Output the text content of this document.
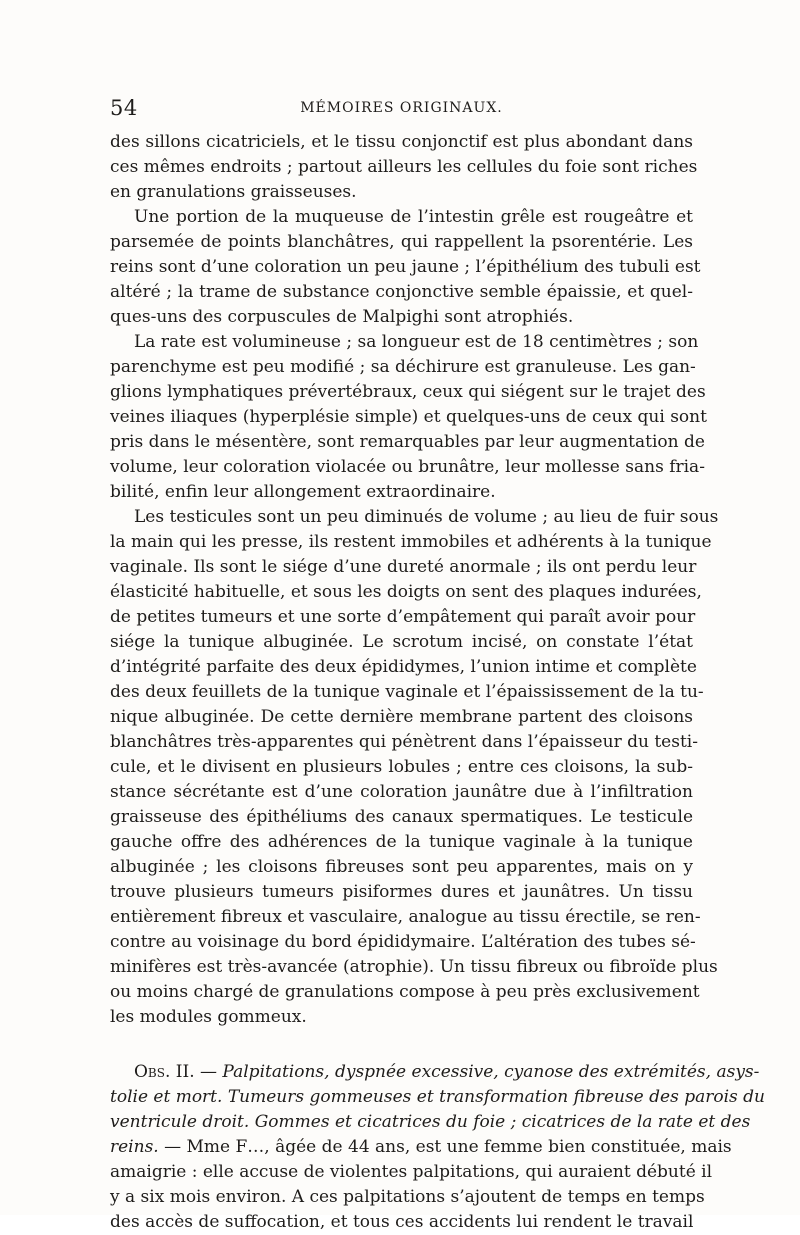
54	MÉMOIRES ORIGINAUX.
des sillons cicatriciels, et le tissu conjonctif est plus abondant dans
ces mêmes endroits ; partout ailleurs les cellules du foie sont riches
en granulations graisseuses.
Une portion de la muqueuse de l’intestin grêle est rougeâtre et
parsemée de points blanchâtres, qui rappellent la psorentérie. Les
reins sont d’une coloration un peu jaune ; l’épithélium des tubuli est
altéré ; la trame de substance conjonctive semble épaissie, et quel-
ques-uns des corpuscules de Malpighi sont atrophiés.
La rate est volumineuse ; sa longueur est de 18 centimètres ; son
parenchyme est peu modifié ; sa déchirure est granuleuse. Les gan-
glions lymphatiques prévertébraux, ceux qui siégent sur le trajet des
veines iliaques (hyperplésie simple) et quelques-uns de ceux qui sont
pris dans le mésentère, sont remarquables par leur augmentation de
volume, leur coloration violacée ou brunâtre, leur mollesse sans fria-
bilité, enfin leur allongement extraordinaire.
Les testicules sont un peu diminués de volume ; au lieu de fuir sous
la main qui les presse, ils restent immobiles et adhérents à la tunique
vaginale. Ils sont le siége d’une dureté anormale ; ils ont perdu leur
élasticité habituelle, et sous les doigts on sent des plaques indurées,
de petites tumeurs et une sorte d’empâtement qui paraît avoir pour
siége la tunique albuginée. Le scrotum incisé, on constate l’état
d’intégrité parfaite des deux épididymes, l’union intime et complète
des deux feuillets de la tunique vaginale et l’épaississement de la tu-
nique albuginée. De cette dernière membrane partent des cloisons
blanchâtres très-apparentes qui pénètrent dans l’épaisseur du testi-
cule, et le divisent en plusieurs lobules ; entre ces cloisons, la sub-
stance sécrétante est d’une coloration jaunâtre due à l’infiltration
graisseuse des épithéliums des canaux spermatiques. Le testicule
gauche offre des adhérences de la tunique vaginale à la tunique
albuginée ; les cloisons fibreuses sont peu apparentes, mais on y
trouve plusieurs tumeurs pisiformes dures et jaunâtres. Un tissu
entièrement fibreux et vasculaire, analogue au tissu érectile, se ren-
contre au voisinage du bord épididymaire. L’altération des tubes sé-
minifères est très-avancée (atrophie). Un tissu fibreux ou fibroïde plus
ou moins chargé de granulations compose à peu près exclusivement
les modules gommeux.
Obs. II. — Palpitations, dyspnée excessive, cyanose des extrémités, asys-
tolie et mort. Tumeurs gommeuses et transformation fibreuse des parois du
ventricule droit. Gommes et cicatrices du foie ; cicatrices de la rate et des
reins. — Mme F…, âgée de 44 ans, est une femme bien constituée, mais
amaigrie : elle accuse de violentes palpitations, qui auraient débuté il
y a six mois environ. A ces palpitations s’ajoutent de temps en temps
des accès de suffocation, et tous ces accidents lui rendent le travail
